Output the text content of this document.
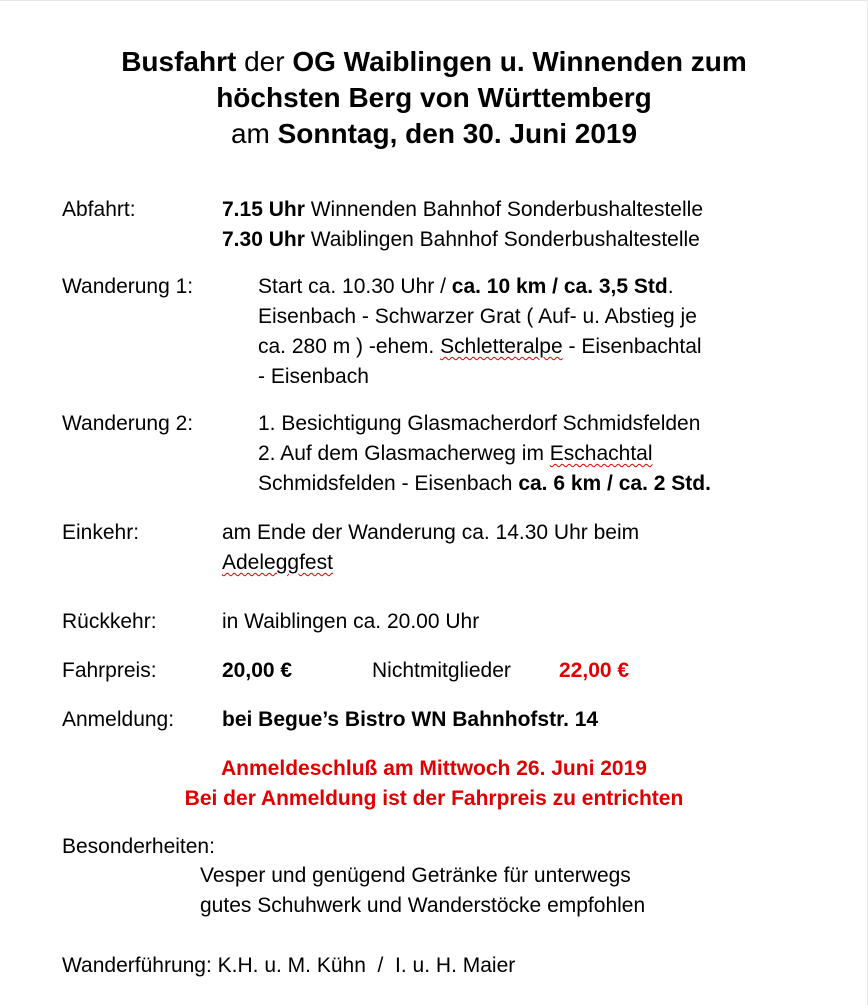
Busfahrt der OG Waiblingen u. Winnenden zum
höchsten Berg von Württemberg
am Sonntag, den 30. Juni 2019
Abfahrt:	7.15 Uhr Winnenden Bahnhof Sonderbushaltestelle
7.30 Uhr Waiblingen Bahnhof Sonderbushaltestelle
Wanderung 1:	Start ca. 10.30 Uhr / ca. 10 km / ca. 3,5 Std.
Eisenbach - Schwarzer Grat ( Auf- u. Abstieg je
ca. 280 m ) -ehem. Schletteralpe - Eisenbachtal
- Eisenbach
Wanderung 2:	1. Besichtigung Glasmacherdorf Schmidsfelden
2. Auf dem Glasmacherweg im Eschachtal
Schmidsfelden - Eisenbach ca. 6 km / ca. 2 Std.
Einkehr:	am Ende der Wanderung ca. 14.30 Uhr beim
Adeleggfest
Rückkehr:	in Waiblingen ca. 20.00 Uhr
Fahrpreis:	20,00 €	Nichtmitglieder 22,00 €
Anmeldung: bei Begue’s Bistro WN Bahnhofstr. 14
Anmeldeschluß am Mittwoch 26. Juni 2019
Bei der Anmeldung ist der Fahrpreis zu entrichten
Besonderheiten:
Vesper und genügend Getränke für unterwegs
gutes Schuhwerk und Wanderstöcke empfohlen
Wanderführung: K.H. u. M. Kühn  /  I. u. H. Maier
